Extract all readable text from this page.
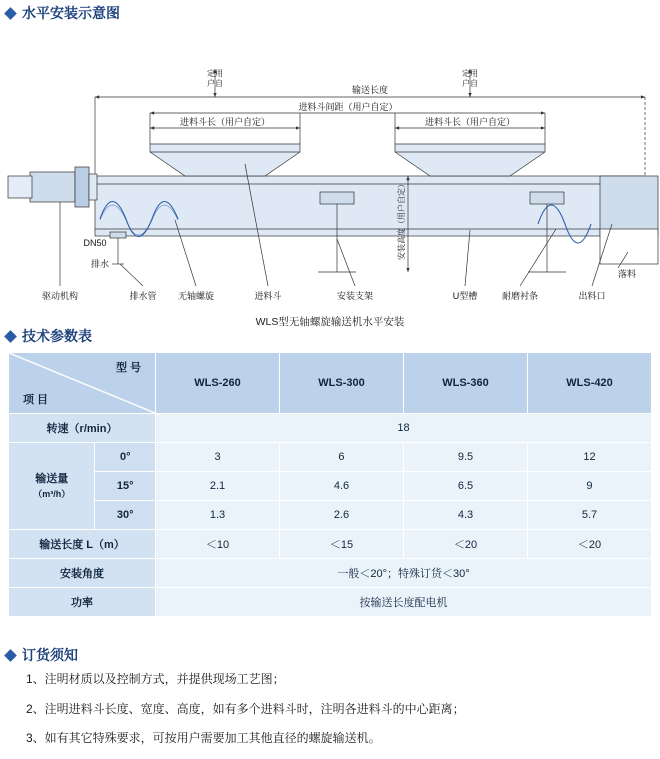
水平安装示意图
输送长度
进料斗间距（用户自定）
进料斗长（用户自定）	进料斗长（用户自定）
定用
户自
定用
户自
安装高度（用户自定）
DN50
排水
驱动机构	排水管 无轴螺旋	进料斗	安装支架	U型槽	耐磨衬条	出料口
落料
WLS型无轴螺旋输送机水平安装
技术参数表
型 号
项 目		WLS-260	WLS-300	WLS-360	WLS-420
转速（r/min）		18			

输送量
（m³/h）	0°	3	6	9.5	12
	15°	2.1	4.6	6.5	9
	30°	1.3	2.6	4.3	5.7
输送长度 L（m）		＜10	＜15	＜20	＜20
安装角度		一般＜20°；特殊订货＜30°			
功率		按输送长度配电机			
订货须知
1、注明材质以及控制方式，并提供现场工艺图；
2、注明进料斗长度、宽度、高度，如有多个进料斗时，注明各进料斗的中心距离；
3、如有其它特殊要求，可按用户需要加工其他直径的螺旋输送机。
